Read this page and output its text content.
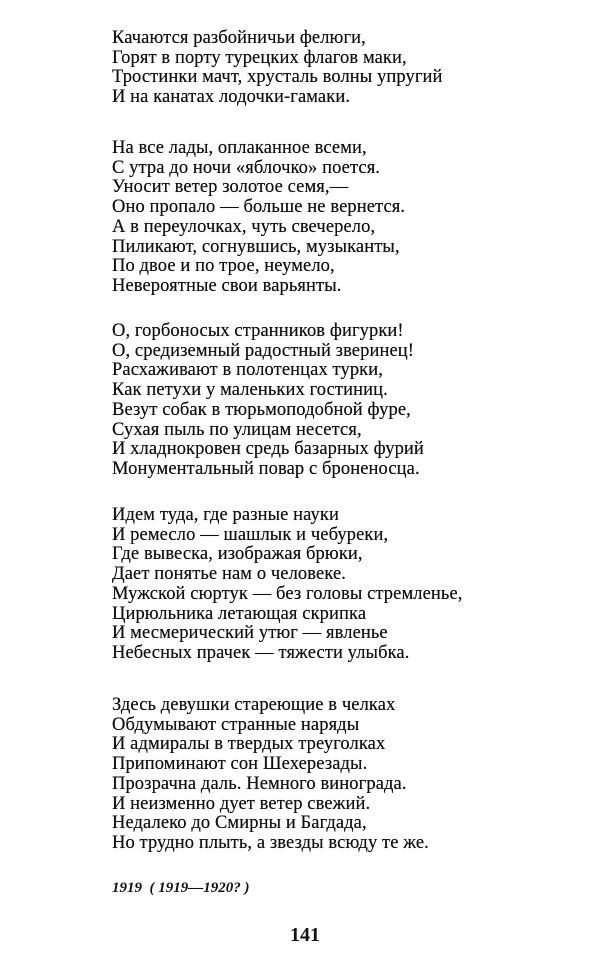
Качаются разбойничьи фелюги,
Горят в порту турецких флагов маки,
Тростинки мачт, хрусталь волны упругий
И на канатах лодочки-гамаки.

На все лады, оплаканное всеми,
С утра до ночи «яблочко» поется.
Уносит ветер золотое семя,—
Оно пропало — больше не вернется.
А в переулочках, чуть свечерело,
Пиликают, согнувшись, музыканты,
По двое и по трое, неумело,
Невероятные свои варьянты.

О, горбоносых странников фигурки!
О, средиземный радостный зверинец!
Расхаживают в полотенцах турки,
Как петухи у маленьких гостиниц.
Везут собак в тюрьмоподобной фуре,
Сухая пыль по улицам несется,
И хладнокровен средь базарных фурий
Монументальный повар с броненосца.

Идем туда, где разные науки
И ремесло — шашлык и чебуреки,
Где вывеска, изображая брюки,
Дает понятье нам о человеке.
Мужской сюртук — без головы стремленье,
Цирюльника летающая скрипка
И месмерический утюг — явленье
Небесных прачек — тяжести улыбка.

Здесь девушки стареющие в челках
Обдумывают странные наряды
И адмиралы в твердых треуголках
Припоминают сон Шехерезады.
Прозрачна даль. Немного винограда.
И неизменно дует ветер свежий.
Недалеко до Смирны и Багдада,
Но трудно плыть, а звезды всюду те же.

1919  ( 1919—1920? )
141
